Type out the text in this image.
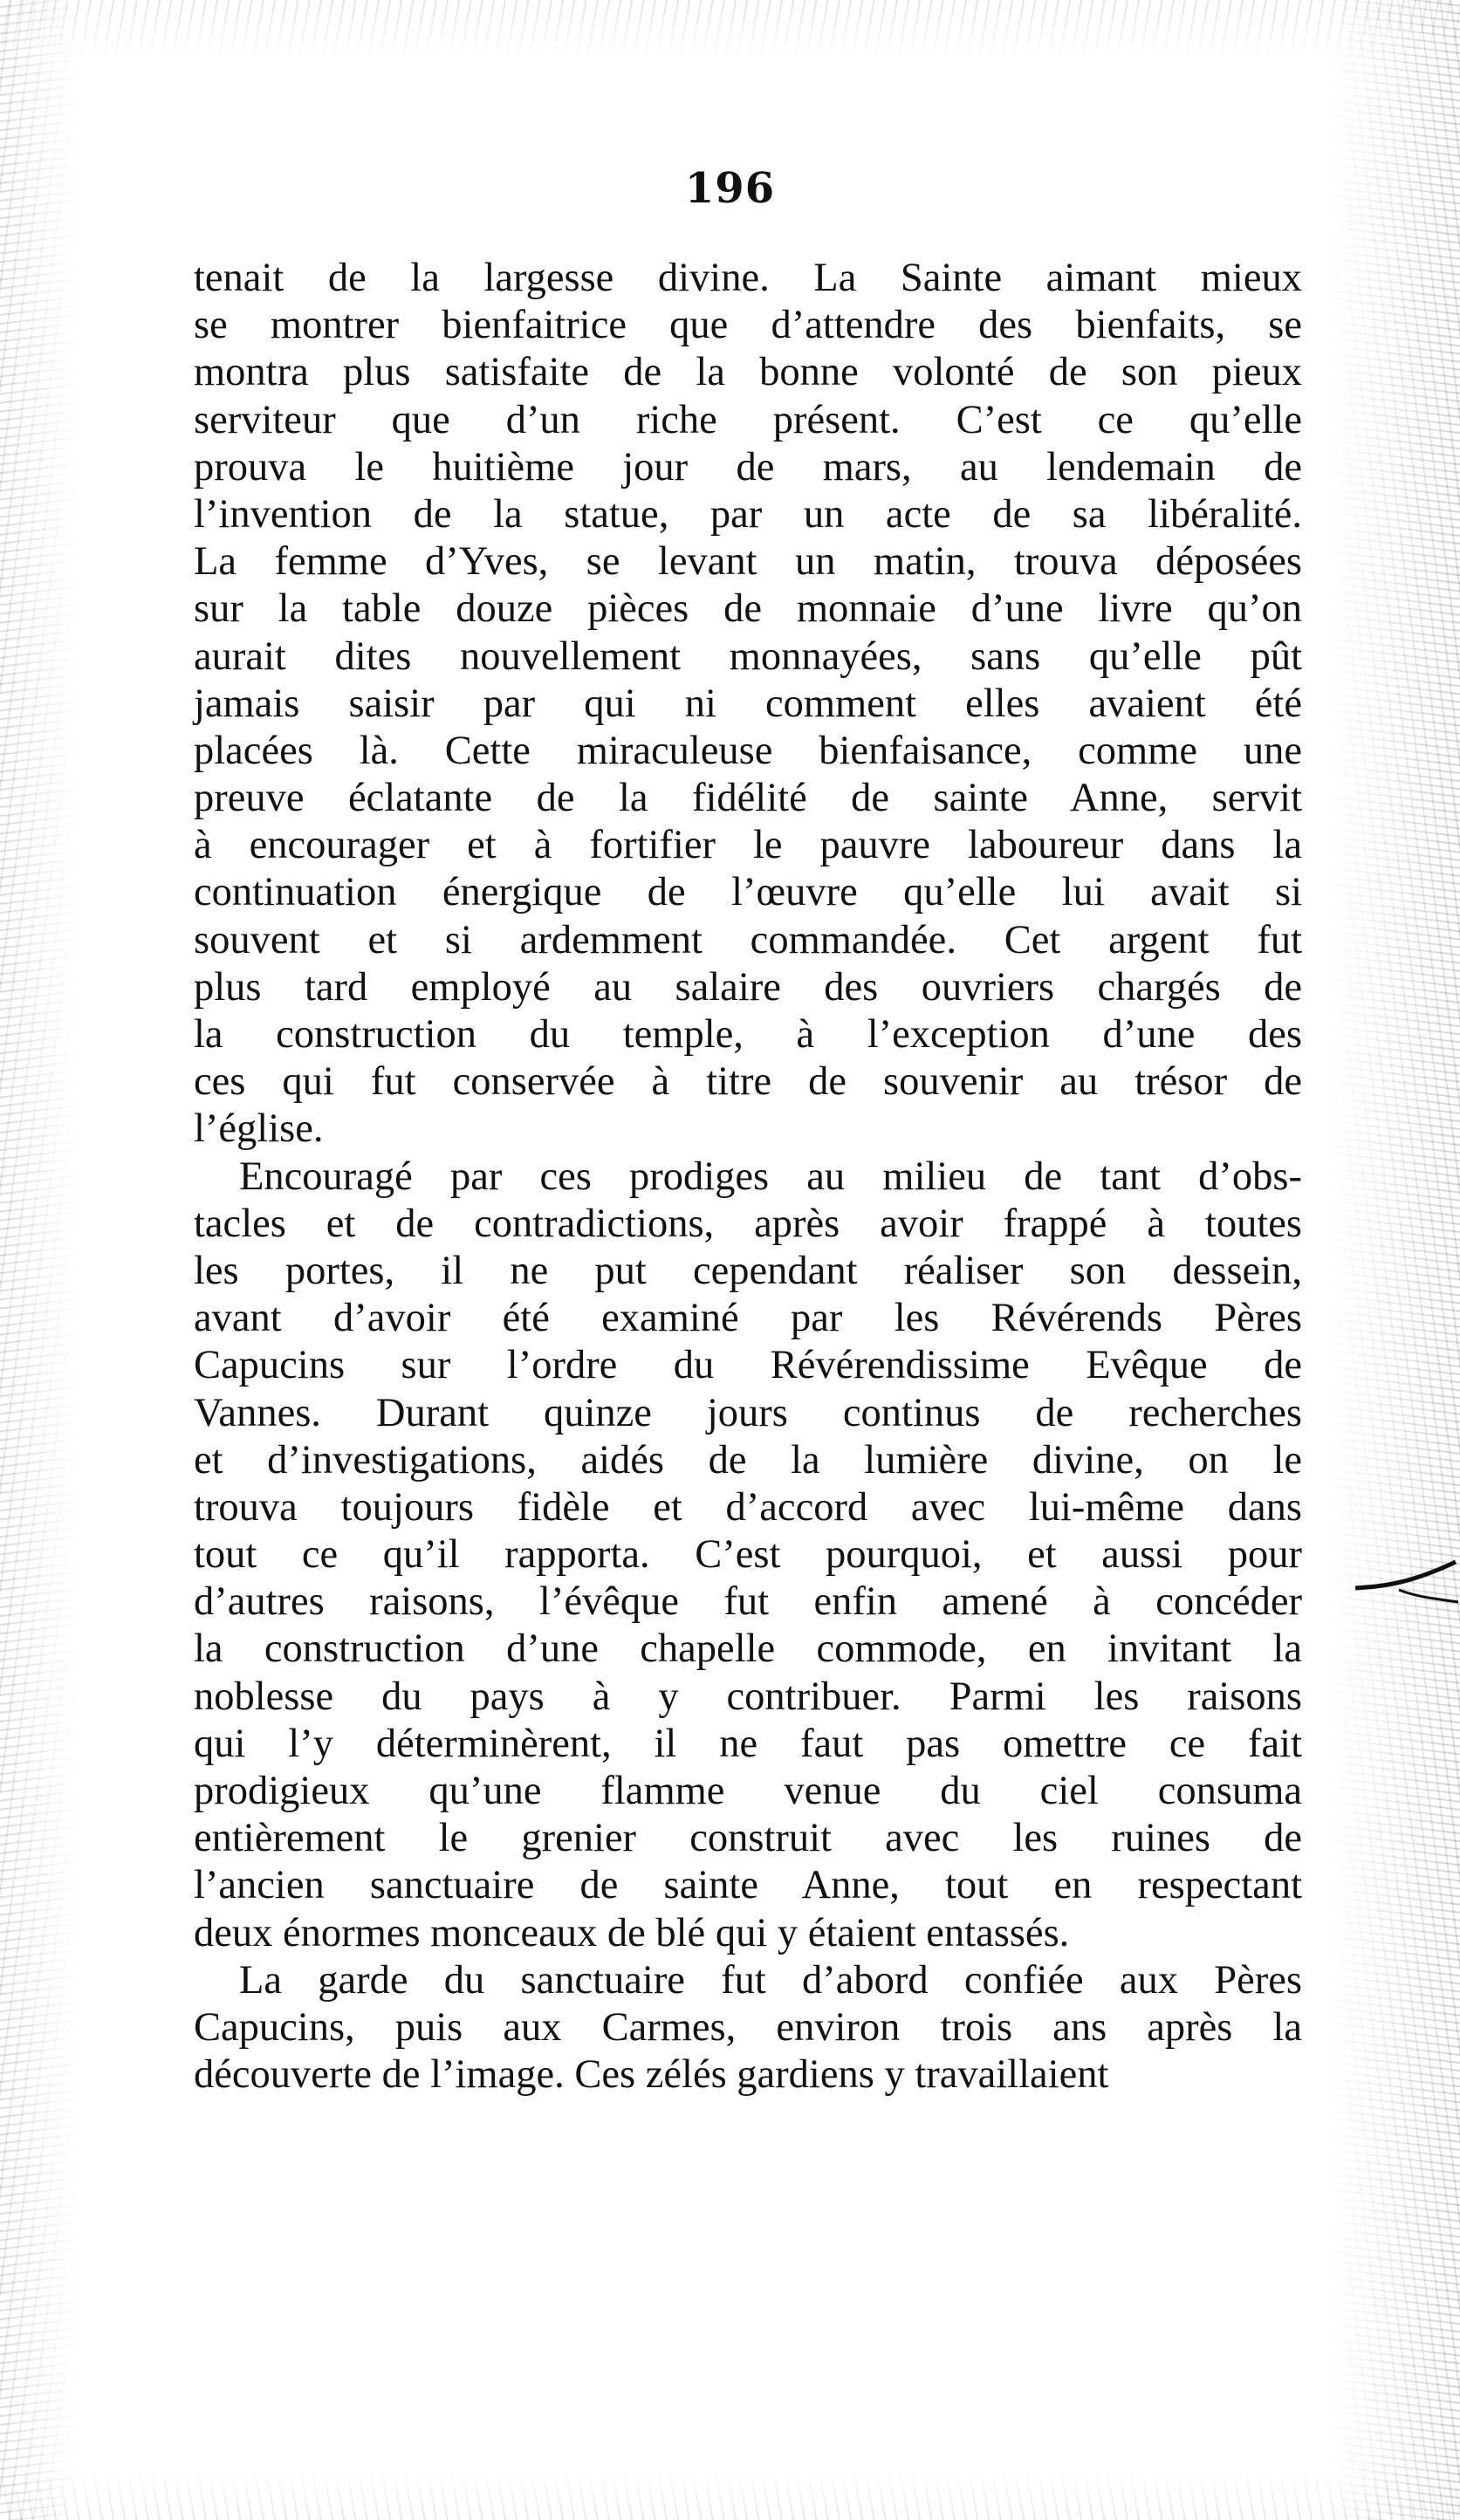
196
tenait de la largesse divine. La Sainte aimant mieux
se montrer bienfaitrice que d’attendre des bienfaits, se
montra plus satisfaite de la bonne volonté de son pieux
serviteur que d’un riche présent. C’est ce qu’elle
prouva le huitième jour de mars, au lendemain de
l’invention de la statue, par un acte de sa libéralité.
La femme d’Yves, se levant un matin, trouva déposées
sur la table douze pièces de monnaie d’une livre qu’on
aurait dites nouvellement monnayées, sans qu’elle pût
jamais saisir par qui ni comment elles avaient été
placées là. Cette miraculeuse bienfaisance, comme une
preuve éclatante de la fidélité de sainte Anne, servit
à encourager et à fortifier le pauvre laboureur dans la
continuation énergique de l’œuvre qu’elle lui avait si
souvent et si ardemment commandée. Cet argent fut
plus tard employé au salaire des ouvriers chargés de
la construction du temple, à l’exception d’une des
ces qui fut conservée à titre de souvenir au trésor de
l’église.
Encouragé par ces prodiges au milieu de tant d’obs-
tacles et de contradictions, après avoir frappé à toutes
les portes, il ne put cependant réaliser son dessein,
avant d’avoir été examiné par les Révérends Pères
Capucins sur l’ordre du Révérendissime Evêque de
Vannes. Durant quinze jours continus de recherches
et d’investigations, aidés de la lumière divine, on le
trouva toujours fidèle et d’accord avec lui-même dans
tout ce qu’il rapporta. C’est pourquoi, et aussi pour
d’autres raisons, l’évêque fut enfin amené à concéder
la construction d’une chapelle commode, en invitant la
noblesse du pays à y contribuer. Parmi les raisons
qui l’y déterminèrent, il ne faut pas omettre ce fait
prodigieux qu’une flamme venue du ciel consuma
entièrement le grenier construit avec les ruines de
l’ancien sanctuaire de sainte Anne, tout en respectant
deux énormes monceaux de blé qui y étaient entassés.
La garde du sanctuaire fut d’abord confiée aux Pères
Capucins, puis aux Carmes, environ trois ans après la
découverte de l’image. Ces zélés gardiens y travaillaient
